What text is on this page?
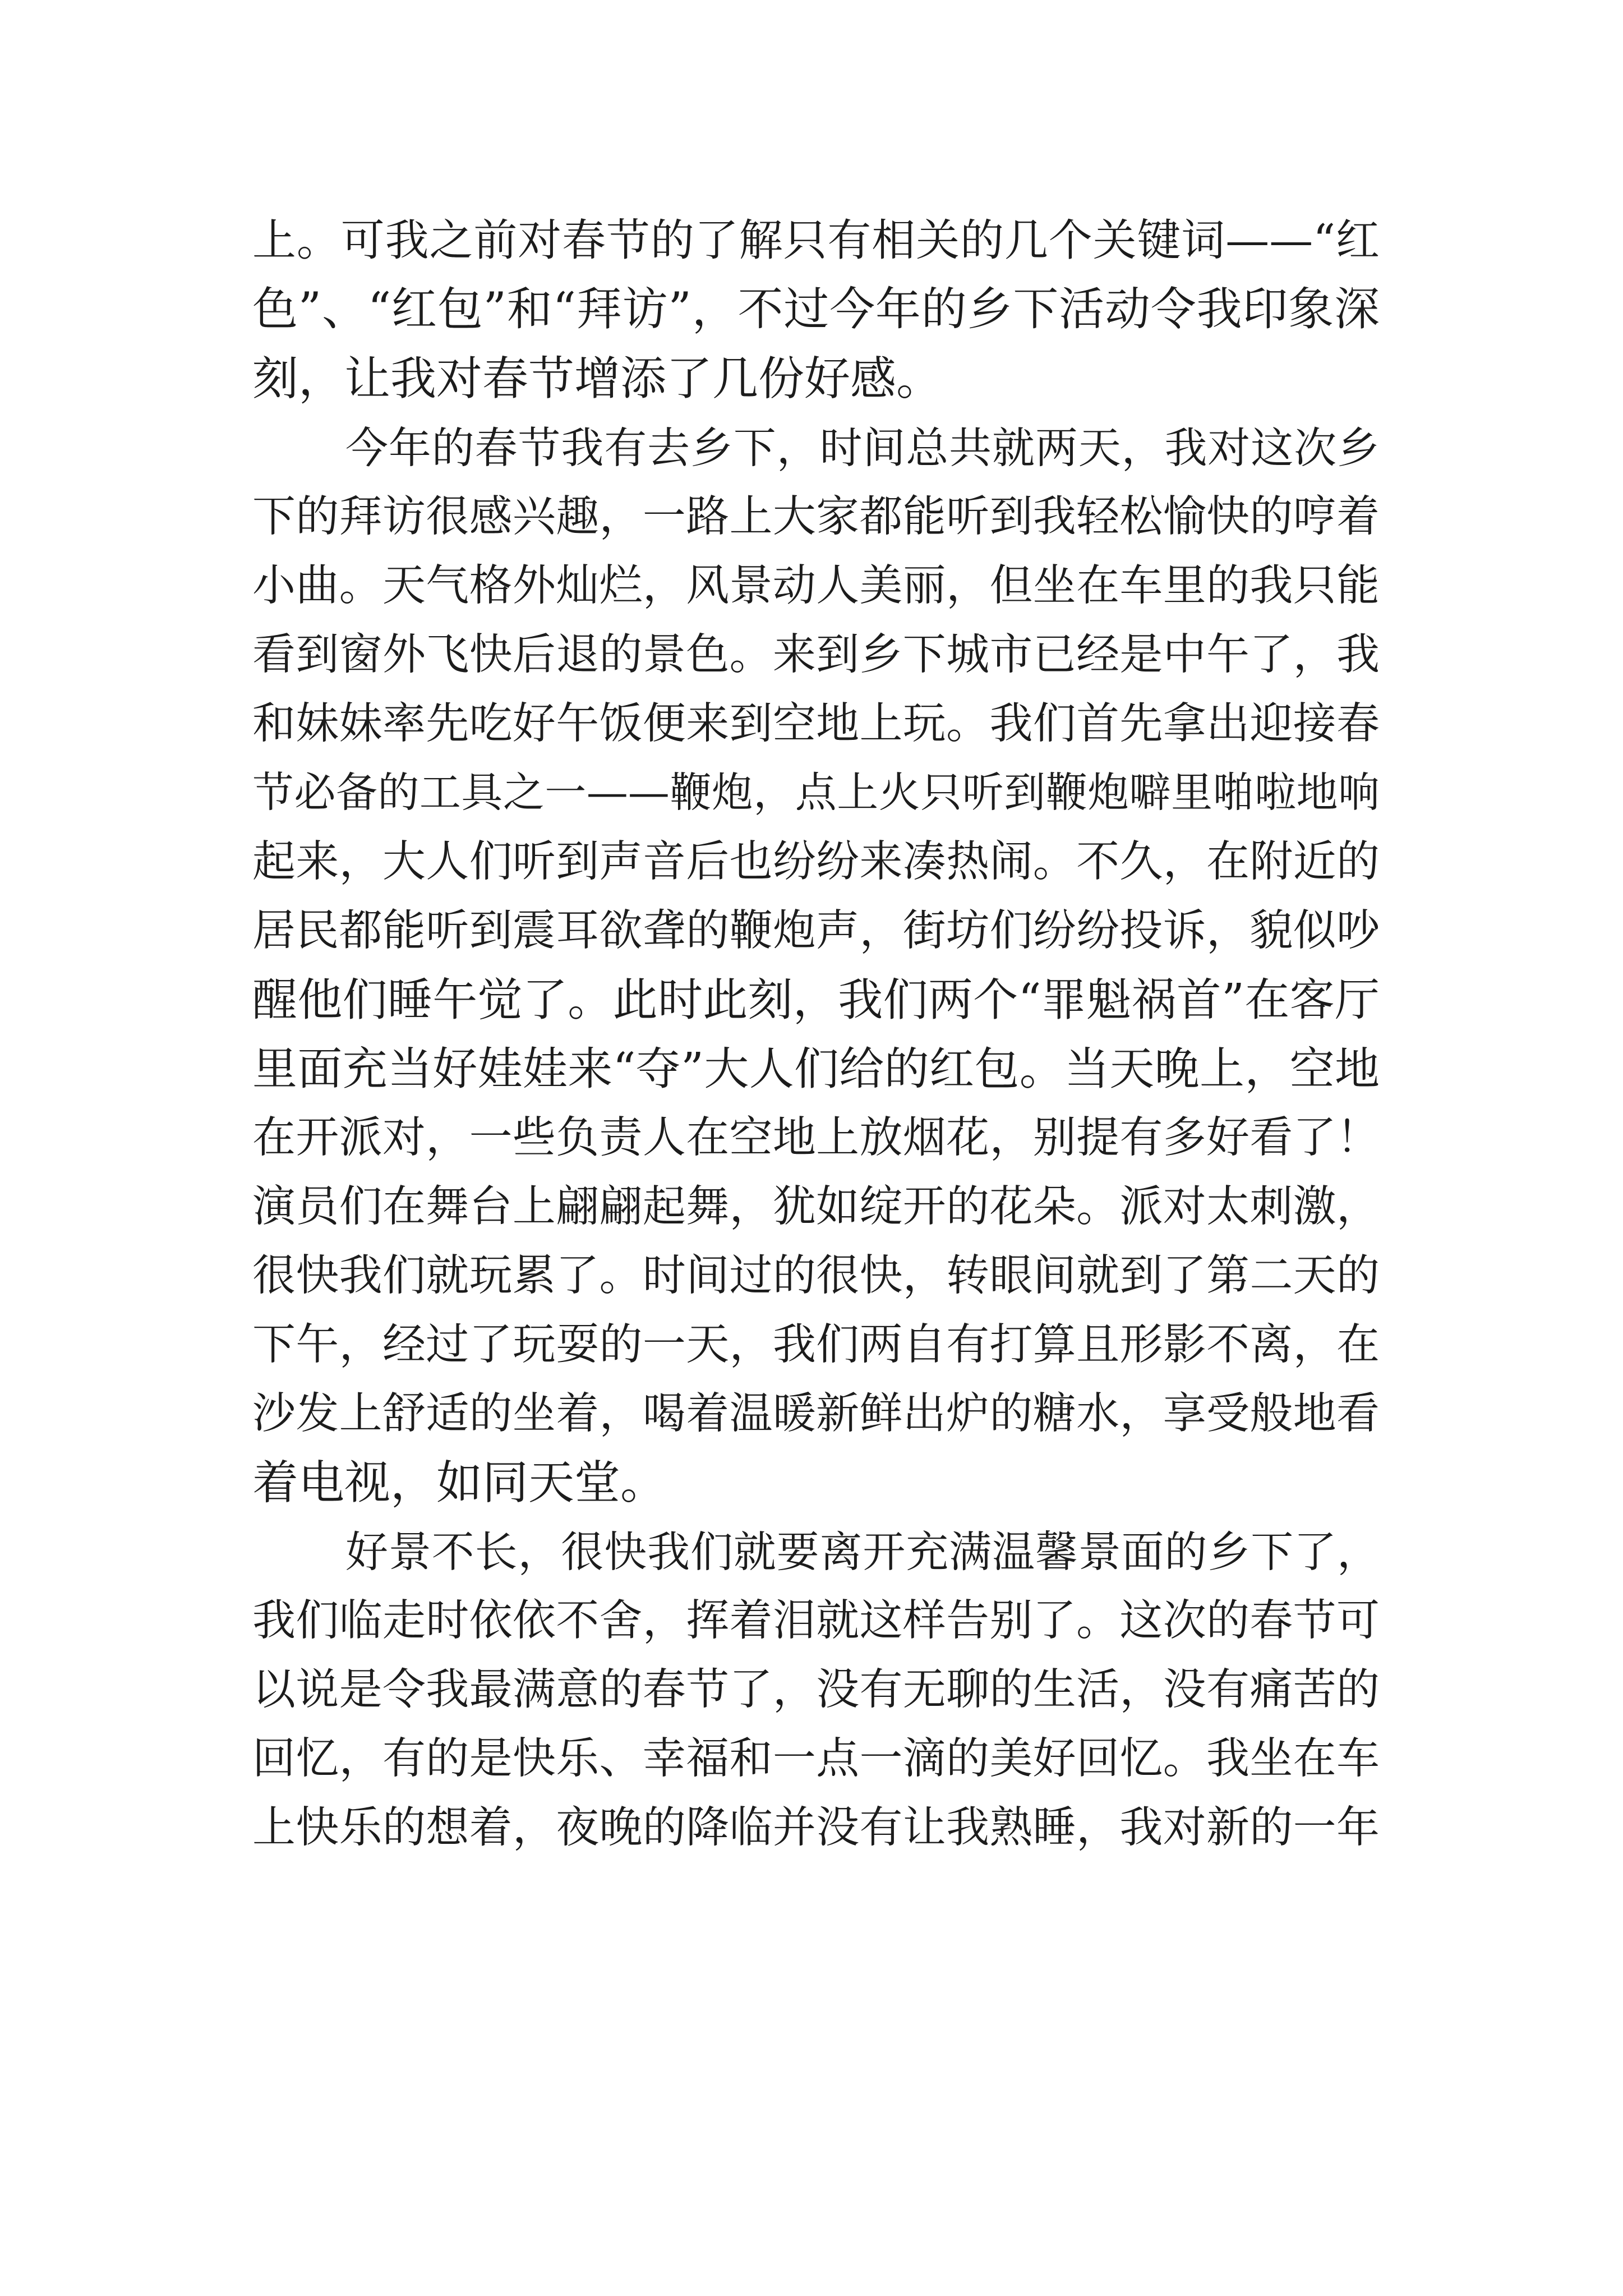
上。可我之前对春节的了解只有相关的几个关键词——“红
色”、“红包”和“拜访”，不过今年的乡下活动令我印象深
刻，让我对春节增添了几份好感。
今年的春节我有去乡下，时间总共就两天，我对这次乡
下的拜访很感兴趣，一路上大家都能听到我轻松愉快的哼着
小曲。天气格外灿烂，风景动人美丽，但坐在车里的我只能
看到窗外飞快后退的景色。来到乡下城市已经是中午了，我
和妹妹率先吃好午饭便来到空地上玩。我们首先拿出迎接春
节必备的工具之一——鞭炮，点上火只听到鞭炮噼里啪啦地响
起来，大人们听到声音后也纷纷来凑热闹。不久，在附近的
居民都能听到震耳欲聋的鞭炮声，街坊们纷纷投诉，貌似吵
醒他们睡午觉了。此时此刻，我们两个“罪魁祸首”在客厅
里面充当好娃娃来“夺”大人们给的红包。当天晚上，空地
在开派对，一些负责人在空地上放烟花，别提有多好看了！
演员们在舞台上翩翩起舞，犹如绽开的花朵。派对太刺激，
很快我们就玩累了。时间过的很快，转眼间就到了第二天的
下午，经过了玩耍的一天，我们两自有打算且形影不离，在
沙发上舒适的坐着，喝着温暖新鲜出炉的糖水，享受般地看
着电视，如同天堂。
好景不长，很快我们就要离开充满温馨景面的乡下了，
我们临走时依依不舍，挥着泪就这样告别了。这次的春节可
以说是令我最满意的春节了，没有无聊的生活，没有痛苦的
回忆，有的是快乐、幸福和一点一滴的美好回忆。我坐在车
上快乐的想着，夜晚的降临并没有让我熟睡，我对新的一年
